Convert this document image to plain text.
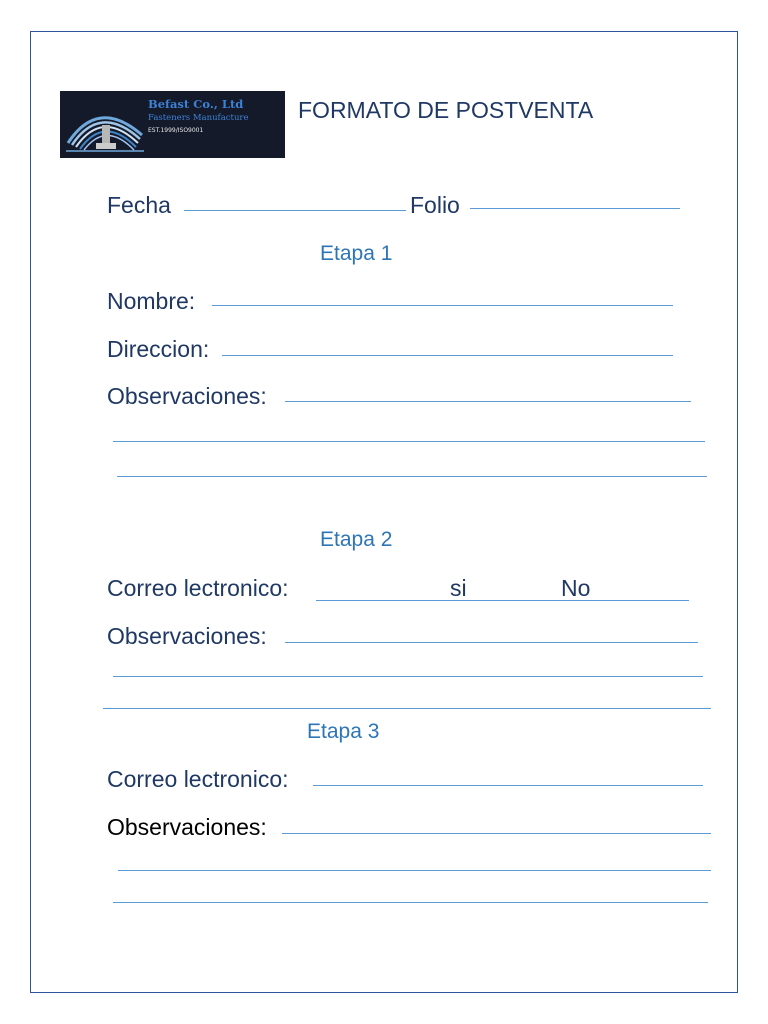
Befast Co., Ltd
Fasteners Manufacture
EST.1999/ISO9001
FORMATO DE POSTVENTA
Fecha	Folio
Etapa 1
Nombre:
Direccion:
Observaciones:
Etapa 2
Correo lectronico:	si	No
Observaciones:
Etapa 3
Correo lectronico:
Observaciones:
